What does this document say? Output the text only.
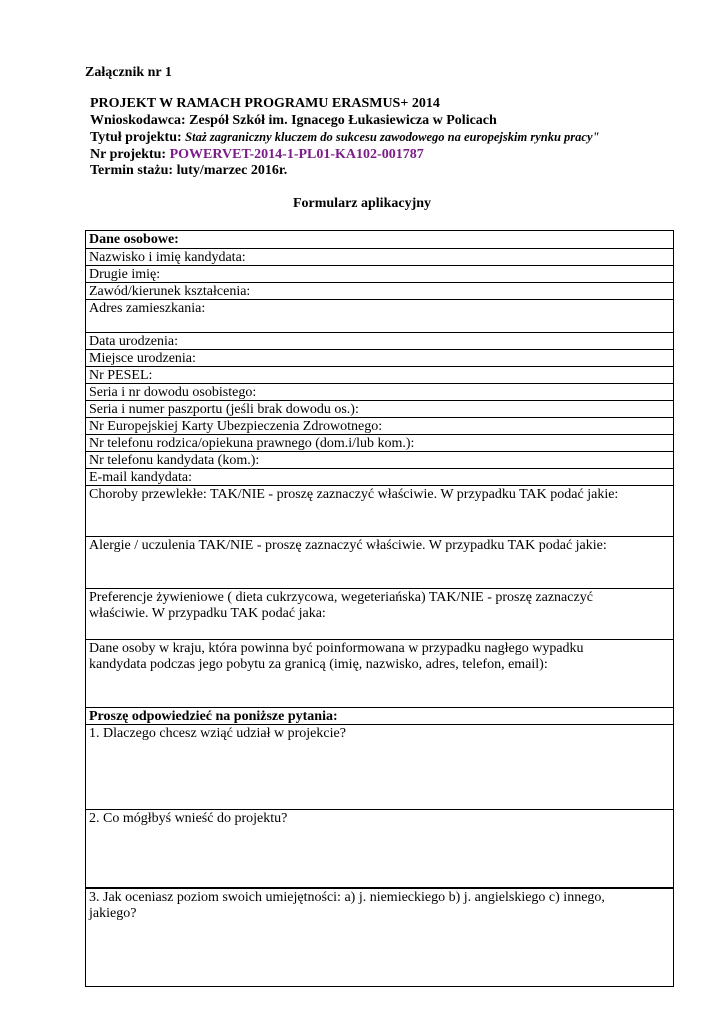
Załącznik nr 1
PROJEKT W RAMACH PROGRAMU ERASMUS+ 2014
Wnioskodawca: Zespół Szkół im. Ignacego Łukasiewicza w Policach
Tytuł projektu: Staż zagraniczny kluczem do sukcesu zawodowego na europejskim rynku pracy"
Nr projektu: POWERVET-2014-1-PL01-KA102-001787
Termin stażu: luty/marzec 2016r.
Formularz aplikacyjny
Dane osobowe:
Nazwisko i imię kandydata:
Drugie imię:
Zawód/kierunek kształcenia:
Adres zamieszkania:
Data urodzenia:
Miejsce urodzenia:
Nr PESEL:
Seria i nr dowodu osobistego:
Seria i numer paszportu (jeśli brak dowodu os.):
Nr Europejskiej Karty Ubezpieczenia Zdrowotnego:
Nr telefonu rodzica/opiekuna prawnego (dom.i/lub kom.):
Nr telefonu kandydata (kom.):
E-mail kandydata:
Choroby przewlekłe: TAK/NIE - proszę zaznaczyć właściwie. W przypadku TAK podać jakie:
Alergie / uczulenia TAK/NIE - proszę zaznaczyć właściwie. W przypadku TAK podać jakie:
Preferencje żywieniowe ( dieta cukrzycowa, wegeteriańska) TAK/NIE - proszę zaznaczyć
właściwie. W przypadku TAK podać jaka:
Dane osoby w kraju, która powinna być poinformowana w przypadku nagłego wypadku
kandydata podczas jego pobytu za granicą (imię, nazwisko, adres, telefon, email):
Proszę odpowiedzieć na poniższe pytania:
1. Dlaczego chcesz wziąć udział w projekcie?
2. Co mógłbyś wnieść do projektu?
3. Jak oceniasz poziom swoich umiejętności: a) j. niemieckiego b) j. angielskiego c) innego,
jakiego?
